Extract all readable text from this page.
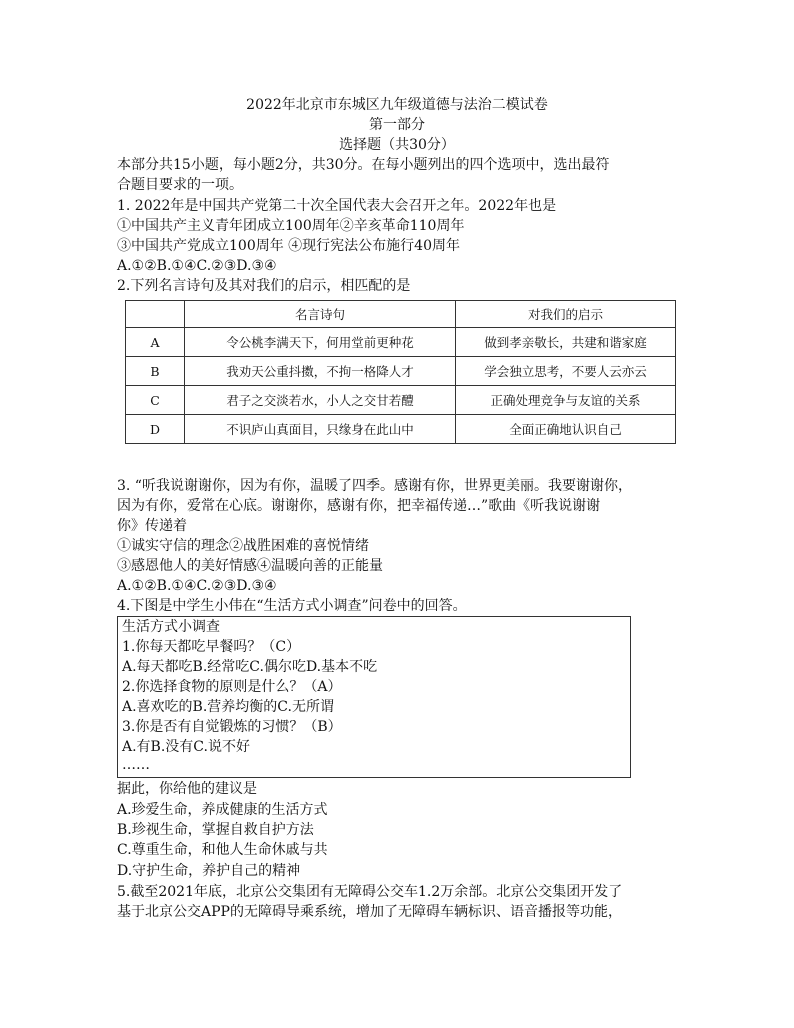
2022年北京市东城区九年级道德与法治二模试卷
第一部分
选择题（共30分）
本部分共15小题，每小题2分，共30分。在每小题列出的四个选项中，选出最符
合题目要求的一项。
1. 2022年是中国共产党第二十次全国代表大会召开之年。2022年也是
①中国共产主义青年团成立100周年②辛亥革命110周年
③中国共产党成立100周年 ④现行宪法公布施行40周年
A.①②B.①④C.②③D.③④
2.下列名言诗句及其对我们的启示，相匹配的是
	名言诗句	对我们的启示
A	令公桃李满天下，何用堂前更种花	做到孝亲敬长，共建和谐家庭
B	我劝天公重抖擞，不拘一格降人才	学会独立思考，不要人云亦云
C	君子之交淡若水，小人之交甘若醴	正确处理竞争与友谊的关系
D	不识庐山真面目，只缘身在此山中	全面正确地认识自己
3. “听我说谢谢你，因为有你，温暖了四季。感谢有你，世界更美丽。我要谢谢你，
因为有你，爱常在心底。谢谢你，感谢有你，把幸福传递…”歌曲《听我说谢谢
你》传递着
①诚实守信的理念②战胜困难的喜悦情绪
③感恩他人的美好情感④温暖向善的正能量
A.①②B.①④C.②③D.③④
4.下图是中学生小伟在“生活方式小调查”问卷中的回答。
生活方式小调查
1.你每天都吃早餐吗？（C）
A.每天都吃B.经常吃C.偶尔吃D.基本不吃
2.你选择食物的原则是什么？（A）
A.喜欢吃的B.营养均衡的C.无所谓
3.你是否有自觉锻炼的习惯？（B）
A.有B.没有C.说不好
……
据此，你给他的建议是
A.珍爱生命，养成健康的生活方式
B.珍视生命，掌握自救自护方法
C.尊重生命，和他人生命休戚与共
D.守护生命，养护自己的精神
5.截至2021年底，北京公交集团有无障碍公交车1.2万余部。北京公交集团开发了
基于北京公交APP的无障碍导乘系统，增加了无障碍车辆标识、语音播报等功能，
